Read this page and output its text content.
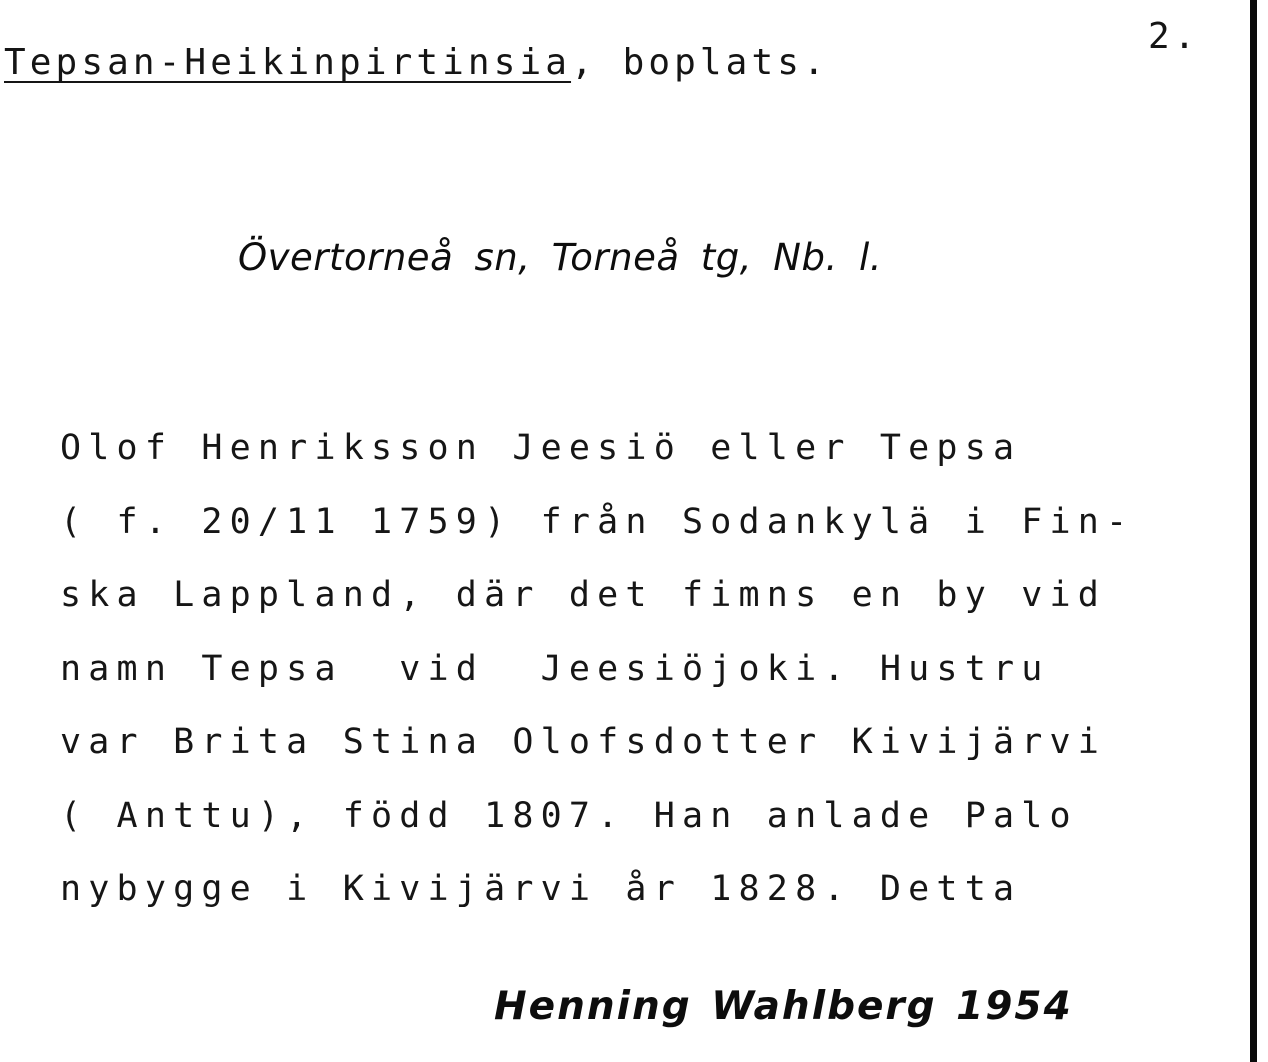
2.
Tepsan-Heikinpirtinsia, boplats.
Övertorneå sn, Torneå tg, Nb. l.
Olof Henriksson Jeesiö eller Tepsa
( f. 20/11 1759) från Sodankylä i Fin-
ska Lappland, där det fimns en by vid
namn Tepsa  vid  Jeesiöjoki. Hustru
var Brita Stina Olofsdotter Kivijärvi
( Anttu), född 1807. Han anlade Palo
nybygge i Kivijärvi år 1828. Detta
Henning Wahlberg 1954
